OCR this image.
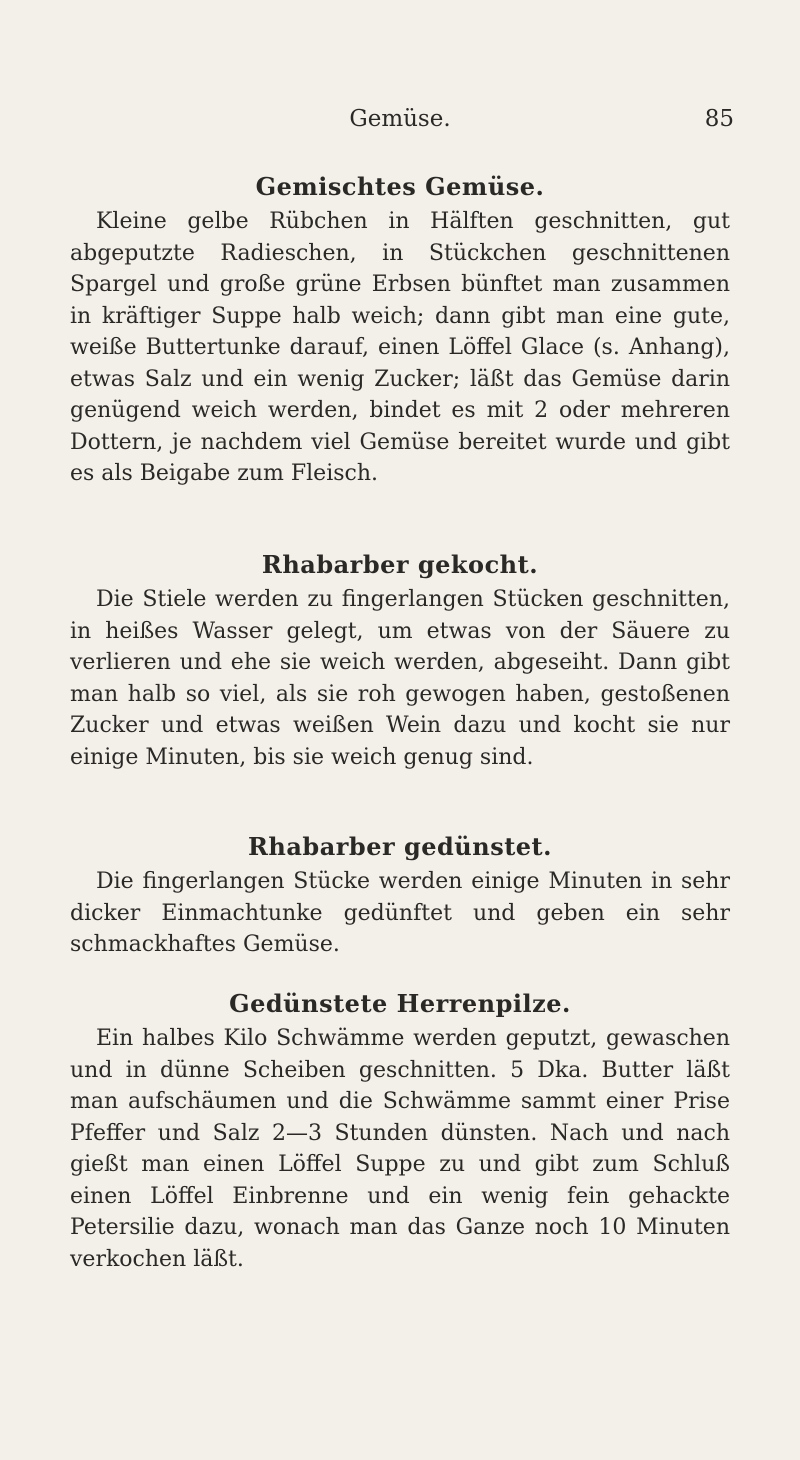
Gemüse.	85
Gemischtes Gemüse.
Kleine gelbe Rübchen in Hälften geschnitten, gut abgeputzte Radieschen, in Stückchen geschnittenen Spargel und große grüne Erbsen bünftet man zusammen in kräftiger Suppe halb weich; dann gibt man eine gute, weiße Buttertunke darauf, einen Löffel Glace (s. Anhang), etwas Salz und ein wenig Zucker; läßt das Gemüse darin genügend weich werden, bindet es mit 2 oder mehreren Dottern, je nachdem viel Gemüse bereitet wurde und gibt es als Beigabe zum Fleisch.
Rhabarber gekocht.
Die Stiele werden zu fingerlangen Stücken geschnitten, in heißes Wasser gelegt, um etwas von der Säuere zu verlieren und ehe sie weich werden, abgeseiht. Dann gibt man halb so viel, als sie roh gewogen haben, gestoßenen Zucker und etwas weißen Wein dazu und kocht sie nur einige Minuten, bis sie weich genug sind.
Rhabarber gedünstet.
Die fingerlangen Stücke werden einige Minuten in sehr dicker Einmachtunke gedünftet und geben ein sehr schmackhaftes Gemüse.
Gedünstete Herrenpilze.
Ein halbes Kilo Schwämme werden geputzt, gewaschen und in dünne Scheiben geschnitten. 5 Dka. Butter läßt man aufschäumen und die Schwämme sammt einer Prise Pfeffer und Salz 2—3 Stunden dünsten. Nach und nach gießt man einen Löffel Suppe zu und gibt zum Schluß einen Löffel Einbrenne und ein wenig fein gehackte Petersilie dazu, wonach man das Ganze noch 10 Minuten verkochen läßt.
